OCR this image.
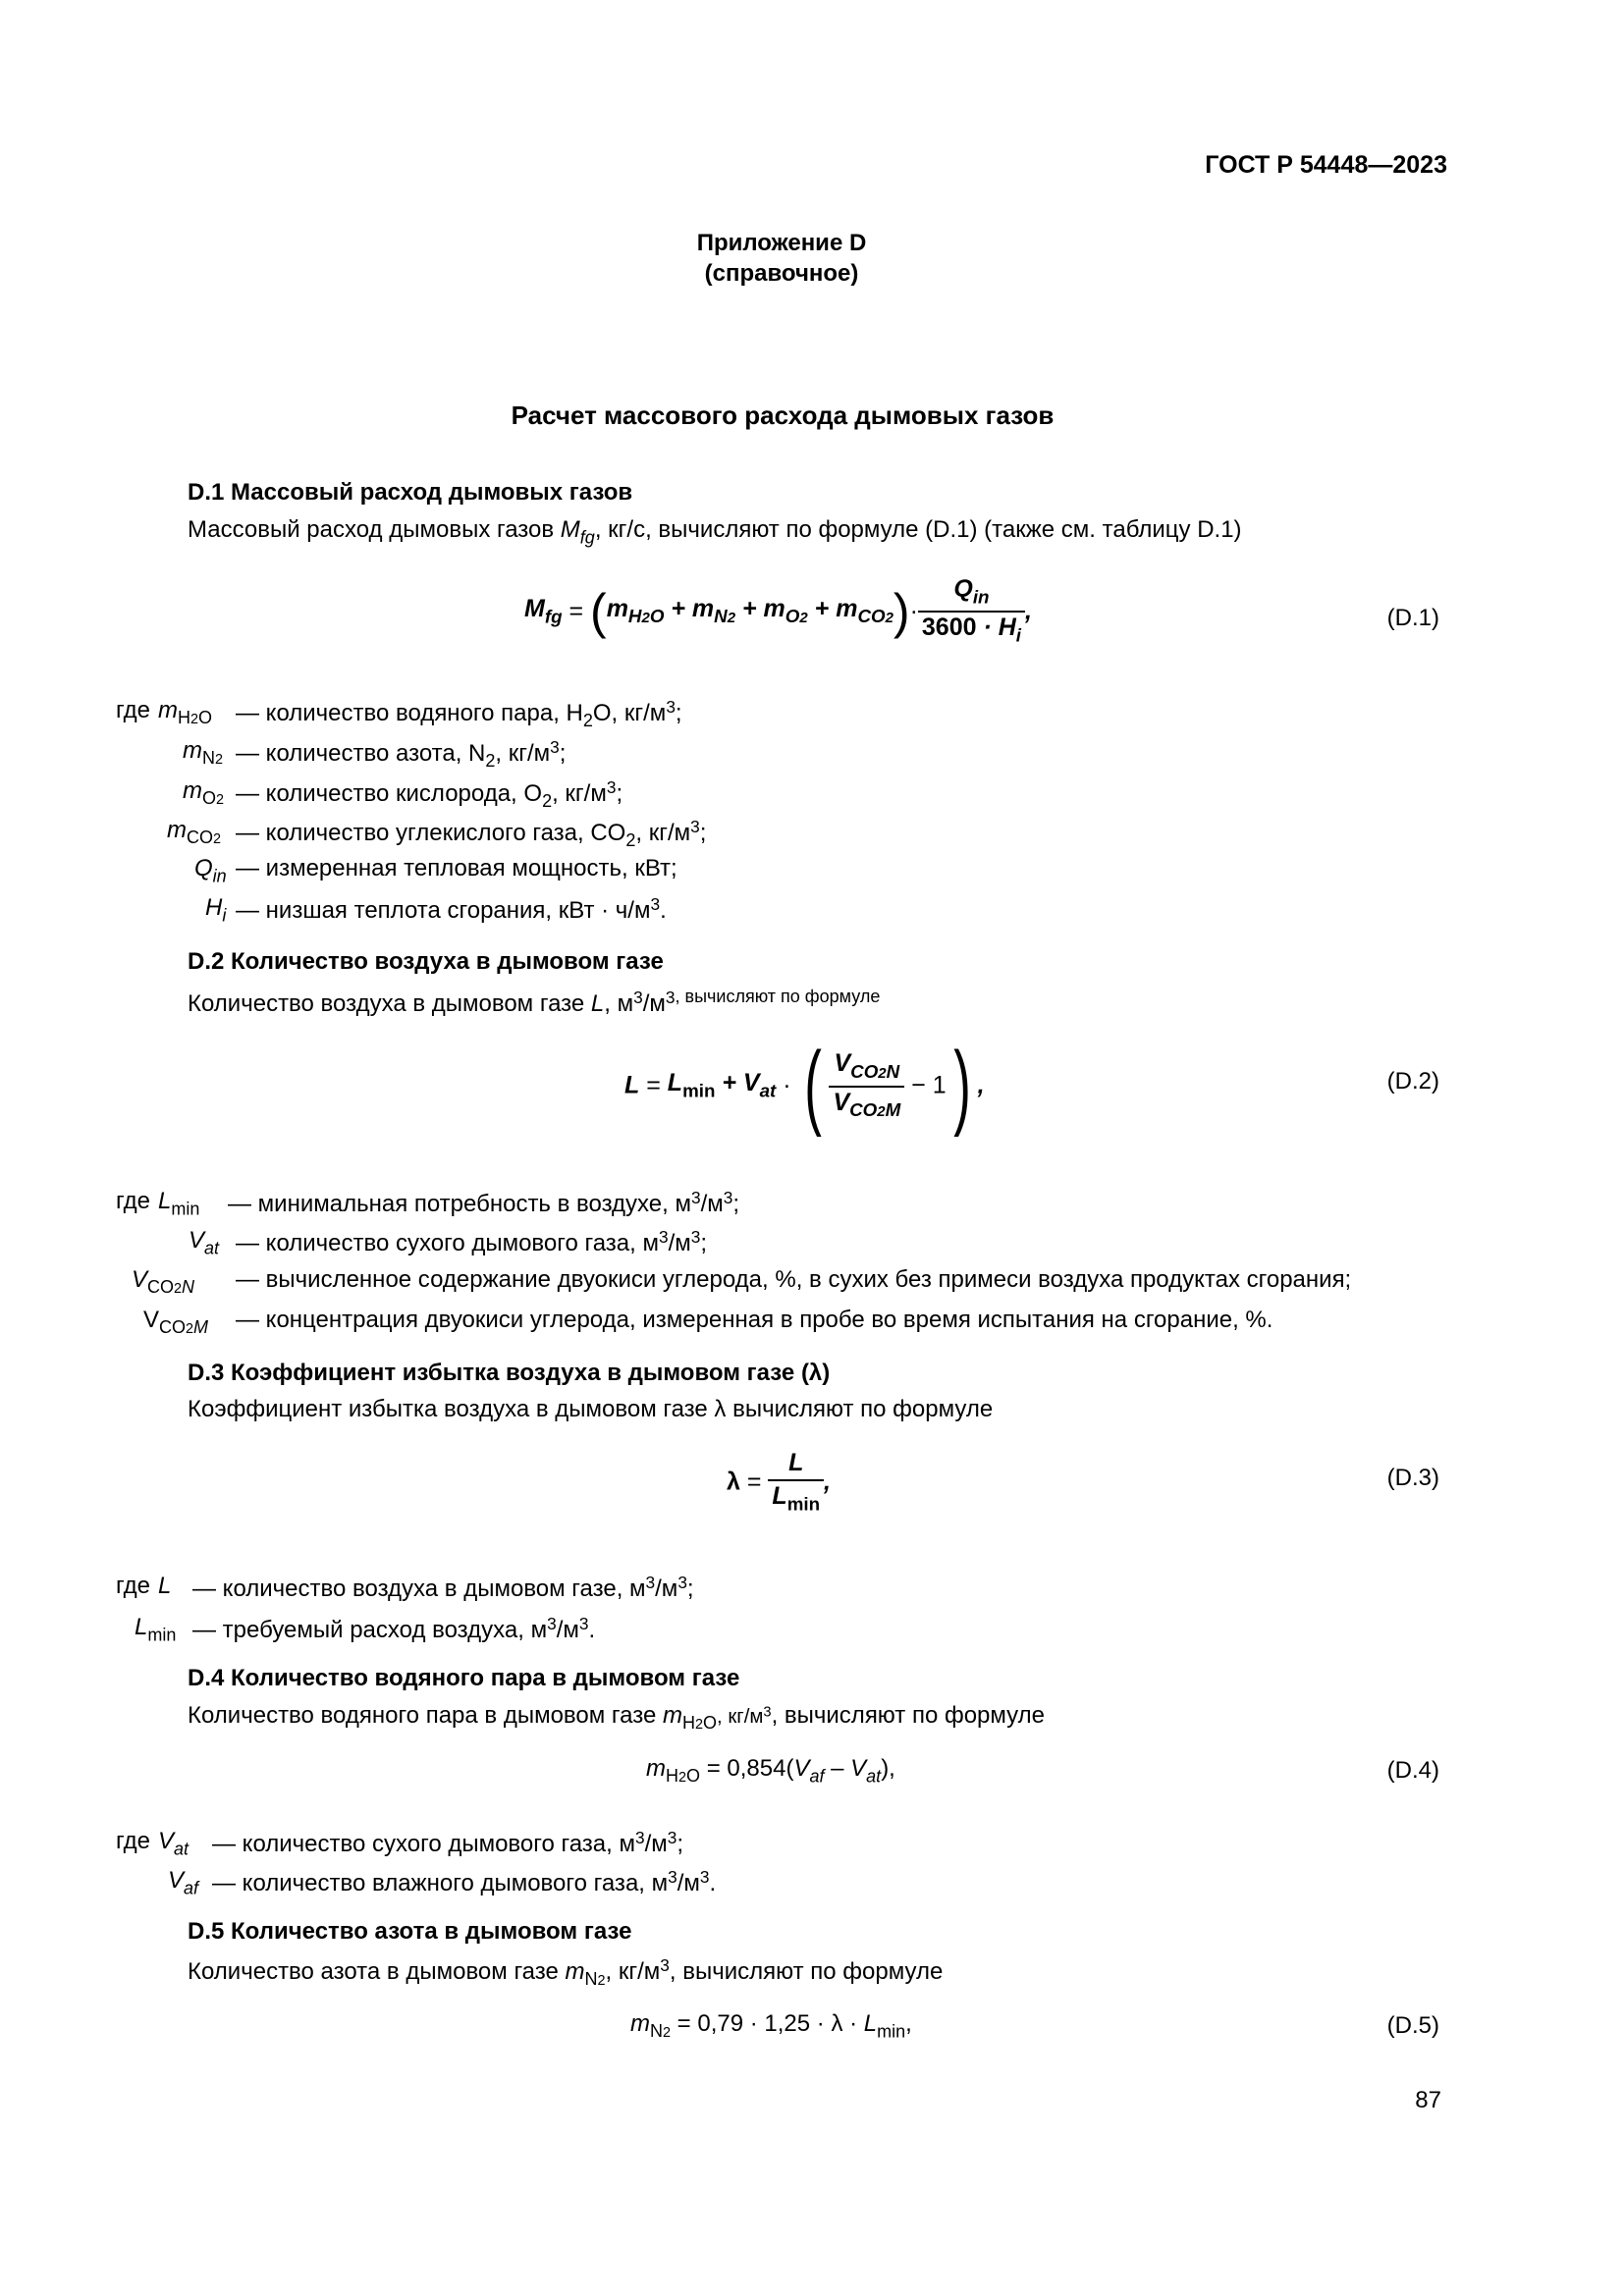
ГОСТ Р 54448—2023
Приложение D
(справочное)
Расчет массового расхода дымовых газов
D.1 Массовый расход дымовых газов
Массовый расход дымовых газов $M_{fg}$, кг/с, вычисляют по формуле (D.1) (также см. таблицу D.1)
$M_{fg} = (m_{H2O} + m_{N2} + m_{O2} + m_{CO2})\cdot \frac{Q_{in}}{3600 \cdot H_i}$ ,	(D.1)
где $m_{H2O}$ — количество водяного пара, $H_2O$, $кг/м^3$;
$m_{N2}$ — количество азота, $N_2$, $кг/м^3$;
$m_{O2}$ — количество кислорода, $O_2$, $кг/м^3$;
$m_{CO2}$ — количество углекислого газа, $CO_2$, $кг/м^3$;
$Q_{in}$ — измеренная тепловая мощность, кВт;
$H_i$ — низшая теплота сгорания, кВт · $ч/м^3$.
D.2 Количество воздуха в дымовом газе
Количество воздуха в дымовом газе L, $м^3/м^{3, вычисляют по формуле}$
$L = L_{min} + V_{at}$ · ( $\frac{V_{CO2N}}{V_{CO2M}} - 1$) ,	(D.2)
где $L_{min}$ — минимальная потребность в воздухе, $м^3/м^3$;
$V_{at}$ — количество сухого дымового газа, $м^3/м^3$;
$V_{CO2N}$ — вычисленное содержание двуокиси углерода, %, в сухих без примеси воздуха продуктах сгорания;
$V_{CO2M}$ — концентрация двуокиси углерода, измеренная в пробе во время испытания на сгорание, %.
D.3 Коэффициент избытка воздуха в дымовом газе (λ)
Коэффициент избытка воздуха в дымовом газе λ вычисляют по формуле
$\lambda = \frac{L}{L_{min}}$ ,	(D.3)
где L — количество воздуха в дымовом газе, $м^3/м^3$;
$L_{min}$ — требуемый расход воздуха, $м^3/м^3$.
D.4 Количество водяного пара в дымовом газе
Количество водяного пара в дымовом газе $m_{H2O}$, $кг/м^3$, вычисляют по формуле
$m_{H2O} = 0,854(V_{af} - V_{at})$,	(D.4)
где $V_{at}$ — количество сухого дымового газа, $м^3/м^3$;
$V_{af}$ — количество влажного дымового газа, $м^3/м^3$.
D.5 Количество азота в дымовом газе
Количество азота в дымовом газе $m_{N2}$, $кг/м^3$, вычисляют по формуле
$m_{N2} = 0,79 \cdot 1,25 \cdot \lambda \cdot L_{min}$,	(D.5)
87
